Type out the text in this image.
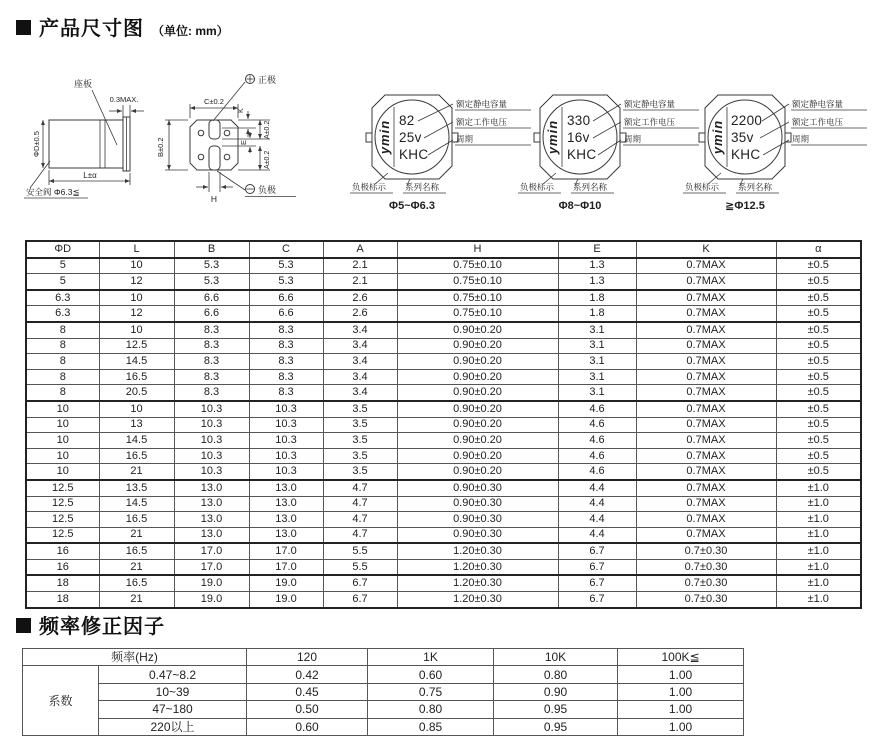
产品尺寸图 （单位: mm）
座板
0.3MAX.
ΦD±0.5
L±α
安全阀 Φ6.3≦
正极
C±0.2
K
A±0.2
E
A±0.2
B±0.2
H
负极
ymin 82
25v
KHC
额定静电容量
额定工作电压
周期
负极标示 系列名称
Φ5~Φ6.3
ymin 330
16v
KHC
额定静电容量
额定工作电压
周期
负极标示 系列名称
Φ8~Φ10
ymin 2200
35v
KHC
额定静电容量
额定工作电压
周期
负极标示 系列名称
≧Φ12.5
ΦD	L	B	C	A	H	E	K	α
5	10	5.3	5.3	2.1	0.75±0.10	1.3	0.7MAX	±0.5
5	12	5.3	5.3	2.1	0.75±0.10	1.3	0.7MAX	±0.5
6.3	10	6.6	6.6	2.6	0.75±0.10	1.8	0.7MAX	±0.5
6.3	12	6.6	6.6	2.6	0.75±0.10	1.8	0.7MAX	±0.5
8	10	8.3	8.3	3.4	0.90±0.20	3.1	0.7MAX	±0.5
8	12.5	8.3	8.3	3.4	0.90±0.20	3.1	0.7MAX	±0.5
8	14.5	8.3	8.3	3.4	0.90±0.20	3.1	0.7MAX	±0.5
8	16.5	8.3	8.3	3.4	0.90±0.20	3.1	0.7MAX	±0.5
8	20.5	8.3	8.3	3.4	0.90±0.20	3.1	0.7MAX	±0.5
10	10	10.3	10.3	3.5	0.90±0.20	4.6	0.7MAX	±0.5
10	13	10.3	10.3	3.5	0.90±0.20	4.6	0.7MAX	±0.5
10	14.5	10.3	10.3	3.5	0.90±0.20	4.6	0.7MAX	±0.5
10	16.5	10.3	10.3	3.5	0.90±0.20	4.6	0.7MAX	±0.5
10	21	10.3	10.3	3.5	0.90±0.20	4.6	0.7MAX	±0.5
12.5	13.5	13.0	13.0	4.7	0.90±0.30	4.4	0.7MAX	±1.0
12.5	14.5	13.0	13.0	4.7	0.90±0.30	4.4	0.7MAX	±1.0
12.5	16.5	13.0	13.0	4.7	0.90±0.30	4.4	0.7MAX	±1.0
12.5	21	13.0	13.0	4.7	0.90±0.30	4.4	0.7MAX	±1.0
16	16.5	17.0	17.0	5.5	1.20±0.30	6.7	0.7±0.30	±1.0
16	21	17.0	17.0	5.5	1.20±0.30	6.7	0.7±0.30	±1.0
18	16.5	19.0	19.0	6.7	1.20±0.30	6.7	0.7±0.30	±1.0
18	21	19.0	19.0	6.7	1.20±0.30	6.7	0.7±0.30	±1.0
频率修正因子
频率(Hz)		120	1K	10K	100K≦
系数	0.47~8.2	0.42	0.60	0.80	1.00
	10~39	0.45	0.75	0.90	1.00
	47~180	0.50	0.80	0.95	1.00
	220以上	0.60	0.85	0.95	1.00
